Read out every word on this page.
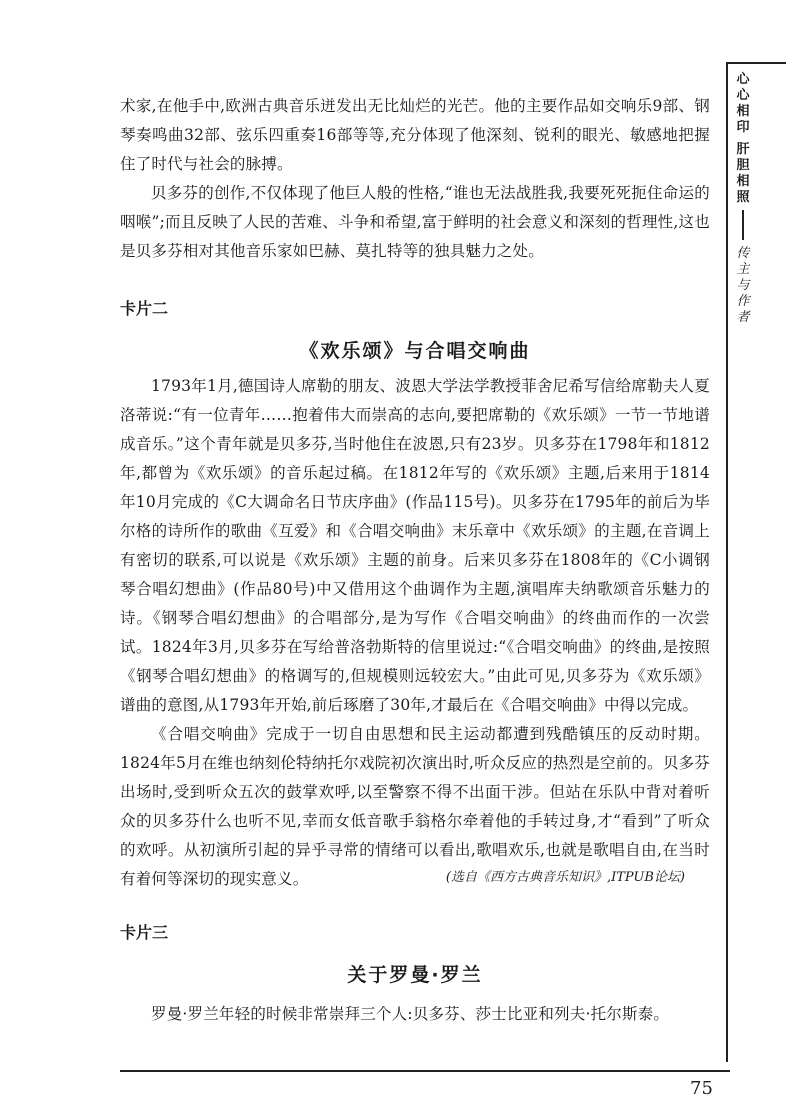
心心相印
肝胆相照
传主与作者

术家,在他手中,欧洲古典音乐迸发出无比灿烂的光芒。他的主要作品如交响乐9部、钢琴奏鸣曲32部、弦乐四重奏16部等等,充分体现了他深刻、锐利的眼光、敏感地把握住了时代与社会的脉搏。

贝多芬的创作,不仅体现了他巨人般的性格,“谁也无法战胜我,我要死死扼住命运的咽喉”;而且反映了人民的苦难、斗争和希望,富于鲜明的社会意义和深刻的哲理性,这也是贝多芬相对其他音乐家如巴赫、莫扎特等的独具魅力之处。

卡片二
《欢乐颂》与合唱交响曲

1793年1月,德国诗人席勒的朋友、波恩大学法学教授菲舍尼希写信给席勒夫人夏洛蒂说:“有一位青年……抱着伟大而崇高的志向,要把席勒的《欢乐颂》一节一节地谱成音乐。”这个青年就是贝多芬,当时他住在波恩,只有23岁。贝多芬在1798年和1812年,都曾为《欢乐颂》的音乐起过稿。在1812年写的《欢乐颂》主题,后来用于1814年10月完成的《C大调命名日节庆序曲》(作品115号)。贝多芬在1795年的前后为毕尔格的诗所作的歌曲《互爱》和《合唱交响曲》末乐章中《欢乐颂》的主题,在音调上有密切的联系,可以说是《欢乐颂》主题的前身。后来贝多芬在1808年的《C小调钢琴合唱幻想曲》(作品80号)中又借用这个曲调作为主题,演唱库夫纳歌颂音乐魅力的诗。《钢琴合唱幻想曲》的合唱部分,是为写作《合唱交响曲》的终曲而作的一次尝试。1824年3月,贝多芬在写给普洛勃斯特的信里说过:“《合唱交响曲》的终曲,是按照《钢琴合唱幻想曲》的格调写的,但规模则远较宏大。”由此可见,贝多芬为《欢乐颂》谱曲的意图,从1793年开始,前后琢磨了30年,才最后在《合唱交响曲》中得以完成。

《合唱交响曲》完成于一切自由思想和民主运动都遭到残酷镇压的反动时期。1824年5月在维也纳刻伦特纳托尔戏院初次演出时,听众反应的热烈是空前的。贝多芬出场时,受到听众五次的鼓掌欢呼,以至警察不得不出面干涉。但站在乐队中背对着听众的贝多芬什么也听不见,幸而女低音歌手翁格尔牵着他的手转过身,才“看到”了听众的欢呼。从初演所引起的异乎寻常的情绪可以看出,歌唱欢乐,也就是歌唱自由,在当时有着何等深切的现实意义。	(选自《西方古典音乐知识》,ITPUB论坛)
卡片三
关于罗曼·罗兰

罗曼·罗兰年轻的时候非常崇拜三个人:贝多芬、莎士比亚和列夫·托尔斯泰。

75
